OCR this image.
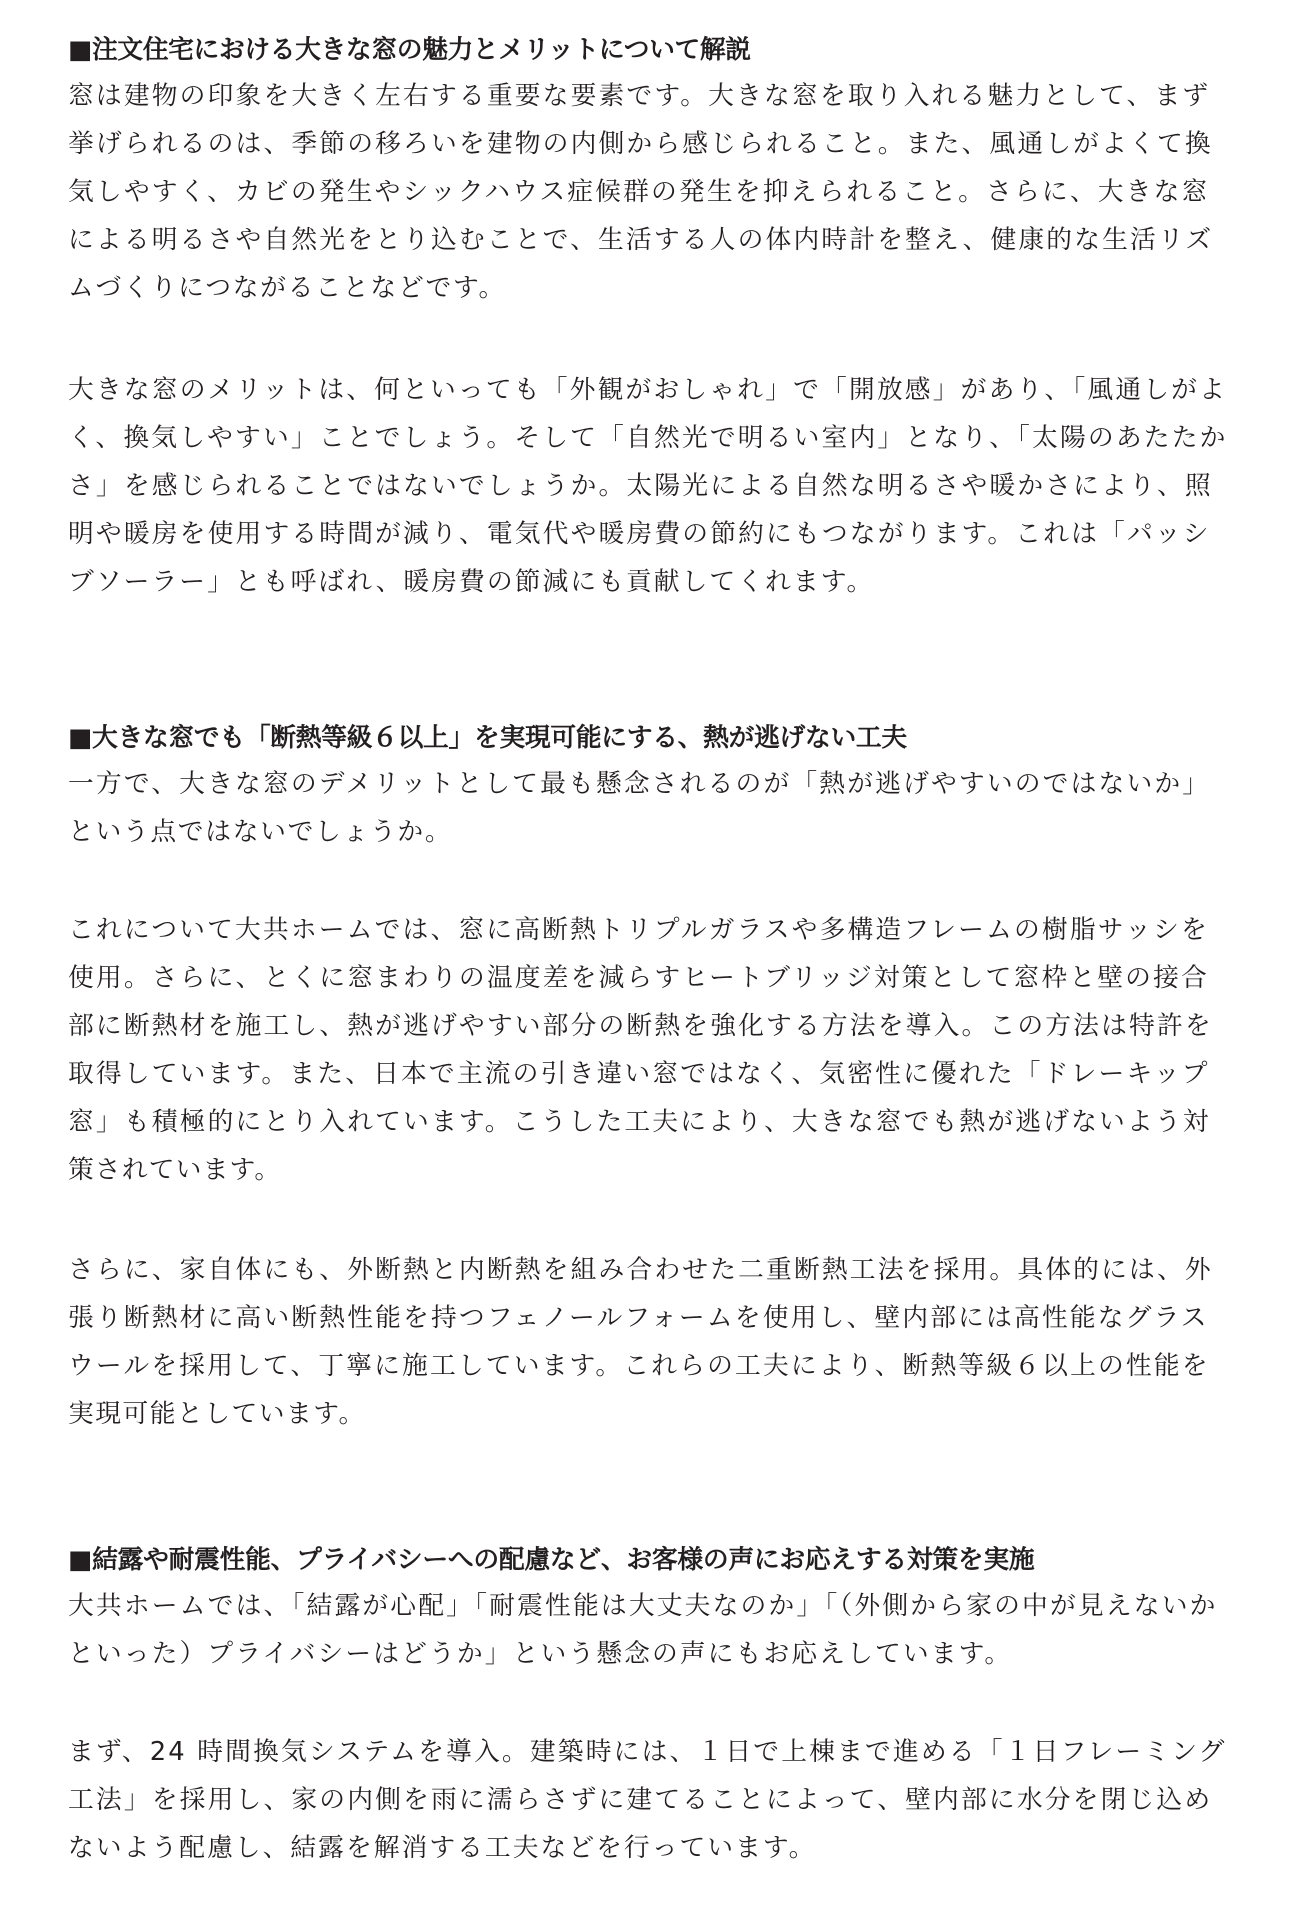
■注文住宅における大きな窓の魅力とメリットについて解説

窓は建物の印象を大きく左右する重要な要素です。大きな窓を取り入れる魅力として、まず
挙げられるのは、季節の移ろいを建物の内側から感じられること。また、風通しがよくて換
気しやすく、カビの発生やシックハウス症候群の発生を抑えられること。さらに、大きな窓
による明るさや自然光をとり込むことで、生活する人の体内時計を整え、健康的な生活リズ
ムづくりにつながることなどです。

大きな窓のメリットは、何といっても「外観がおしゃれ」で「開放感」があり、「風通しがよ
く、換気しやすい」ことでしょう。そして「自然光で明るい室内」となり、「太陽のあたたか
さ」を感じられることではないでしょうか。太陽光による自然な明るさや暖かさにより、照
明や暖房を使用する時間が減り、電気代や暖房費の節約にもつながります。これは「パッシ
ブソーラー」とも呼ばれ、暖房費の節減にも貢献してくれます。

■大きな窓でも「断熱等級６以上」を実現可能にする、熱が逃げない工夫

一方で、大きな窓のデメリットとして最も懸念されるのが「熱が逃げやすいのではないか」
という点ではないでしょうか。

これについて大共ホームでは、窓に高断熱トリプルガラスや多構造フレームの樹脂サッシを
使用。さらに、とくに窓まわりの温度差を減らすヒートブリッジ対策として窓枠と壁の接合
部に断熱材を施工し、熱が逃げやすい部分の断熱を強化する方法を導入。この方法は特許を
取得しています。また、日本で主流の引き違い窓ではなく、気密性に優れた「ドレーキップ
窓」も積極的にとり入れています。こうした工夫により、大きな窓でも熱が逃げないよう対
策されています。

さらに、家自体にも、外断熱と内断熱を組み合わせた二重断熱工法を採用。具体的には、外
張り断熱材に高い断熱性能を持つフェノールフォームを使用し、壁内部には高性能なグラス
ウールを採用して、丁寧に施工しています。これらの工夫により、断熱等級６以上の性能を
実現可能としています。

■結露や耐震性能、プライバシーへの配慮など、お客様の声にお応えする対策を実施

大共ホームでは、「結露が心配」「耐震性能は大丈夫なのか」「（外側から家の中が見えないか
といった）プライバシーはどうか」という懸念の声にもお応えしています。

まず、24 時間換気システムを導入。建築時には、１日で上棟まで進める「１日フレーミング
工法」を採用し、家の内側を雨に濡らさずに建てることによって、壁内部に水分を閉じ込め
ないよう配慮し、結露を解消する工夫などを行っています。
